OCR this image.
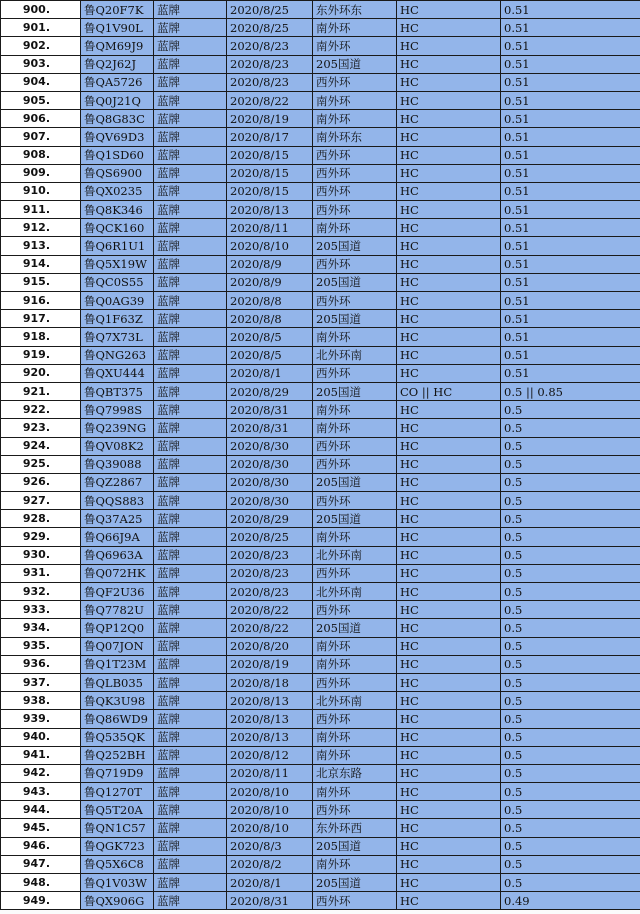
900.	鲁Q20F7K	蓝牌	2020/8/25	东外环东	HC	0.51
901.	鲁Q1V90L	蓝牌	2020/8/25	南外环	HC	0.51
902.	鲁QM69J9	蓝牌	2020/8/23	南外环	HC	0.51
903.	鲁Q2J62J	蓝牌	2020/8/23	205国道	HC	0.51
904.	鲁QA5726	蓝牌	2020/8/23	西外环	HC	0.51
905.	鲁Q0J21Q	蓝牌	2020/8/22	南外环	HC	0.51
906.	鲁Q8G83C	蓝牌	2020/8/19	南外环	HC	0.51
907.	鲁QV69D3	蓝牌	2020/8/17	南外环东	HC	0.51
908.	鲁Q1SD60	蓝牌	2020/8/15	西外环	HC	0.51
909.	鲁QS6900	蓝牌	2020/8/15	西外环	HC	0.51
910.	鲁QX0235	蓝牌	2020/8/15	西外环	HC	0.51
911.	鲁Q8K346	蓝牌	2020/8/13	西外环	HC	0.51
912.	鲁QCK160	蓝牌	2020/8/11	南外环	HC	0.51
913.	鲁Q6R1U1	蓝牌	2020/8/10	205国道	HC	0.51
914.	鲁Q5X19W	蓝牌	2020/8/9	西外环	HC	0.51
915.	鲁QC0S55	蓝牌	2020/8/9	205国道	HC	0.51
916.	鲁Q0AG39	蓝牌	2020/8/8	西外环	HC	0.51
917.	鲁Q1F63Z	蓝牌	2020/8/8	205国道	HC	0.51
918.	鲁Q7X73L	蓝牌	2020/8/5	南外环	HC	0.51
919.	鲁QNG263	蓝牌	2020/8/5	北外环南	HC	0.51
920.	鲁QXU444	蓝牌	2020/8/1	西外环	HC	0.51
921.	鲁QBT375	蓝牌	2020/8/29	205国道	CO || HC	0.5 || 0.85
922.	鲁Q7998S	蓝牌	2020/8/31	南外环	HC	0.5
923.	鲁Q239NG	蓝牌	2020/8/31	南外环	HC	0.5
924.	鲁QV08K2	蓝牌	2020/8/30	西外环	HC	0.5
925.	鲁Q39088	蓝牌	2020/8/30	西外环	HC	0.5
926.	鲁QZ2867	蓝牌	2020/8/30	205国道	HC	0.5
927.	鲁QQS883	蓝牌	2020/8/30	西外环	HC	0.5
928.	鲁Q37A25	蓝牌	2020/8/29	205国道	HC	0.5
929.	鲁Q66J9A	蓝牌	2020/8/25	南外环	HC	0.5
930.	鲁Q6963A	蓝牌	2020/8/23	北外环南	HC	0.5
931.	鲁Q072HK	蓝牌	2020/8/23	西外环	HC	0.5
932.	鲁QF2U36	蓝牌	2020/8/23	北外环南	HC	0.5
933.	鲁Q7782U	蓝牌	2020/8/22	西外环	HC	0.5
934.	鲁QP12Q0	蓝牌	2020/8/22	205国道	HC	0.5
935.	鲁Q07JON	蓝牌	2020/8/20	南外环	HC	0.5
936.	鲁Q1T23M	蓝牌	2020/8/19	南外环	HC	0.5
937.	鲁QLB035	蓝牌	2020/8/18	西外环	HC	0.5
938.	鲁QK3U98	蓝牌	2020/8/13	北外环南	HC	0.5
939.	鲁Q86WD9	蓝牌	2020/8/13	西外环	HC	0.5
940.	鲁Q535QK	蓝牌	2020/8/13	南外环	HC	0.5
941.	鲁Q252BH	蓝牌	2020/8/12	南外环	HC	0.5
942.	鲁Q719D9	蓝牌	2020/8/11	北京东路	HC	0.5
943.	鲁Q1270T	蓝牌	2020/8/10	南外环	HC	0.5
944.	鲁Q5T20A	蓝牌	2020/8/10	西外环	HC	0.5
945.	鲁QN1C57	蓝牌	2020/8/10	东外环西	HC	0.5
946.	鲁QGK723	蓝牌	2020/8/3	205国道	HC	0.5
947.	鲁Q5X6C8	蓝牌	2020/8/2	南外环	HC	0.5
948.	鲁Q1V03W	蓝牌	2020/8/1	205国道	HC	0.5
949.	鲁QX906G	蓝牌	2020/8/31	西外环	HC	0.49
